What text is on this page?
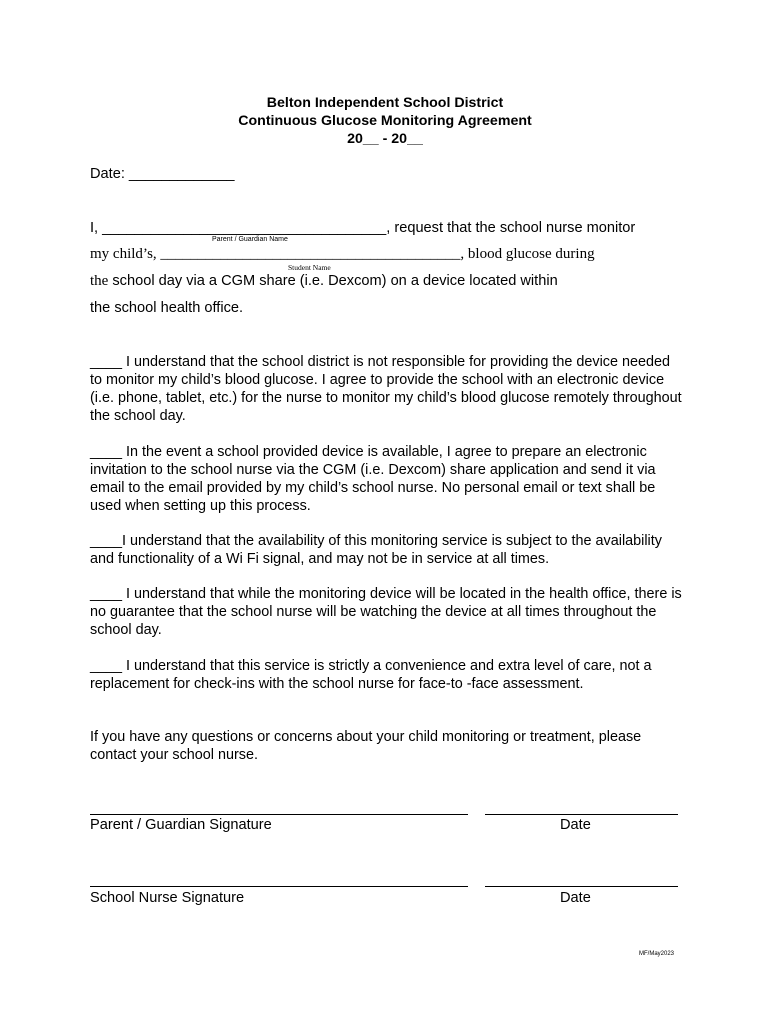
Belton Independent School District
Continuous Glucose Monitoring Agreement
20__ - 20__
Date: _____________
I, ___________________________________, request that the school nurse monitor
Parent / Guardian Name
my child’s, ________________________________________, blood glucose during
Student Name
the school day via a CGM share (i.e. Dexcom) on a device located within
the school health office.
____ I understand that the school district is not responsible for providing the device needed to monitor my child’s blood glucose. I agree to provide the school with an electronic device (i.e. phone, tablet, etc.) for the nurse to monitor my child’s blood glucose remotely throughout the school day.
____ In the event a school provided device is available, I agree to prepare an electronic invitation to the school nurse via the CGM (i.e. Dexcom) share application and send it via email to the email provided by my child’s school nurse. No personal email or text shall be used when setting up this process.
____I understand that the availability of this monitoring service is subject to the availability and functionality of a Wi Fi signal, and may not be in service at all times.
____ I understand that while the monitoring device will be located in the health office, there is no guarantee that the school nurse will be watching the device at all times throughout the school day.
____ I understand that this service is strictly a convenience and extra level of care, not a replacement for check-ins with the school nurse for face-to -face assessment.
If you have any questions or concerns about your child monitoring or treatment, please contact your school nurse.
Parent / Guardian Signature	Date
School Nurse Signature	Date
MF/May2023
